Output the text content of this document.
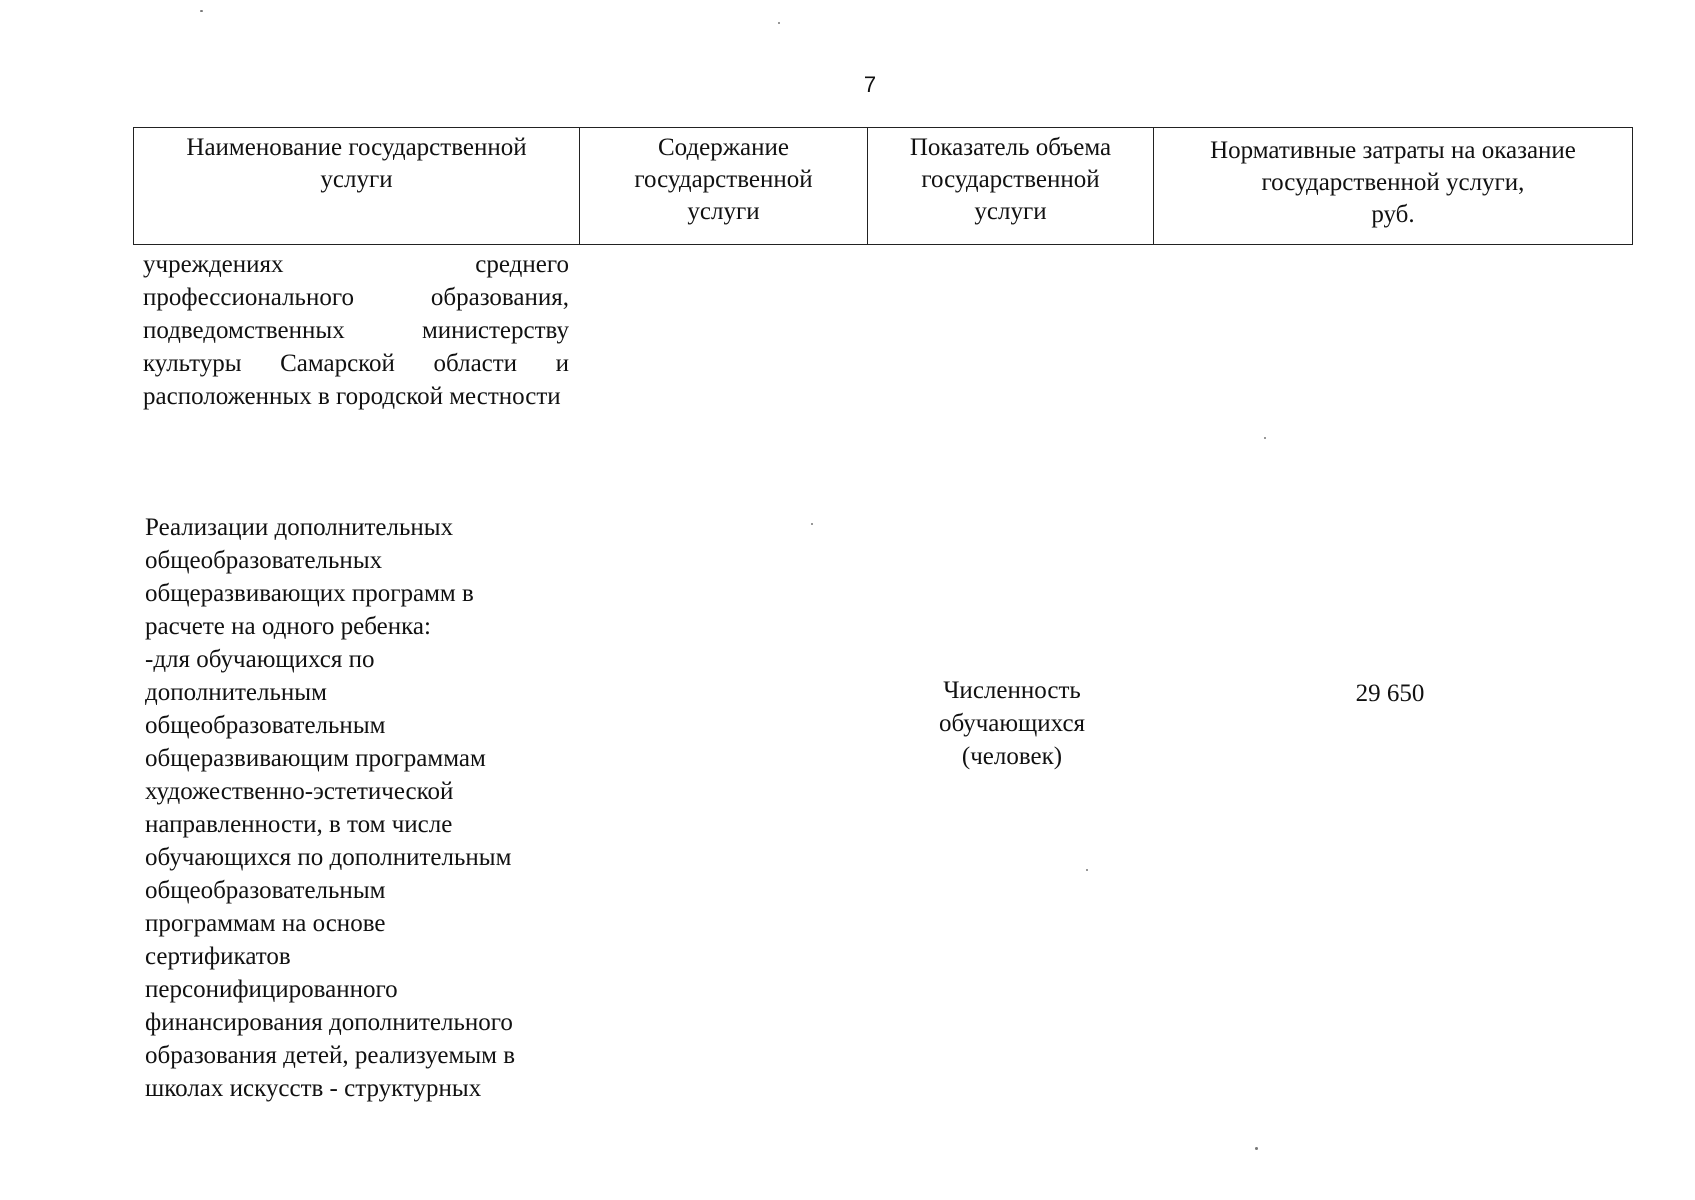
7
Наименование государственной
услуги
Содержание
государственной
услуги
Показатель объема
государственной
услуги
Нормативные затраты на оказание
государственной услуги,
руб.
учреждениях среднего профессионального образования, подведомственных министерству культуры Самарской области и расположенных в городской местности
Реализации дополнительных
общеобразовательных
общеразвивающих программ в
расчете на одного ребенка:
-для обучающихся по
дополнительным
общеобразовательным
общеразвивающим программам
художественно-эстетической
направленности, в том числе
обучающихся по дополнительным
общеобразовательным
программам на основе
сертификатов
персонифицированного
финансирования дополнительного
образования детей, реализуемым в
школах искусств - структурных
Численность
обучающихся
(человек)
29 650
